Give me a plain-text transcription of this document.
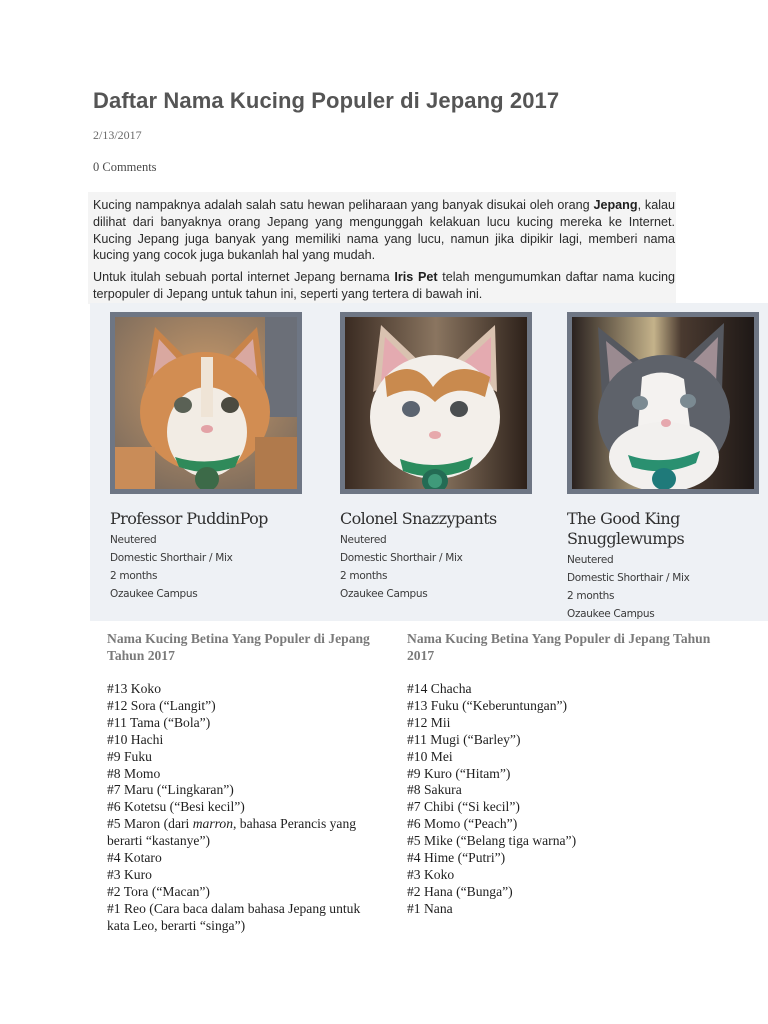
Daftar Nama Kucing Populer di Jepang 2017
2/13/2017
0 Comments

Kucing nampaknya adalah salah satu hewan peliharaan yang banyak disukai oleh orang Jepang, kalau dilihat dari banyaknya orang Jepang yang mengunggah kelakuan lucu kucing mereka ke Internet. Kucing Jepang juga banyak yang memiliki nama yang lucu, namun jika dipikir lagi, memberi nama kucing yang cocok juga bukanlah hal yang mudah.

Untuk itulah sebuah portal internet Jepang bernama Iris Pet telah mengumumkan daftar nama kucing terpopuler di Jepang untuk tahun ini, seperti yang tertera di bawah ini.

Professor PuddinPop
Neutered
Domestic Shorthair / Mix
2 months
Ozaukee Campus
Colonel Snazzypants
Neutered
Domestic Shorthair / Mix
2 months
Ozaukee Campus
The Good King Snugglewumps
Neutered
Domestic Shorthair / Mix
2 months
Ozaukee Campus
Nama Kucing Betina Yang Populer di Jepang Tahun 2017
#13 Koko
#12 Sora (“Langit”)
#11 Tama (“Bola”)
#10 Hachi
#9 Fuku
#8 Momo
#7 Maru (“Lingkaran”)
#6 Kotetsu (“Besi kecil”)
#5 Maron (dari marron, bahasa Perancis yang berarti “kastanye”)
#4 Kotaro
#3 Kuro
#2 Tora (“Macan”)
#1 Reo (Cara baca dalam bahasa Jepang untuk kata Leo, berarti “singa”)
Nama Kucing Betina Yang Populer di Jepang Tahun 2017
#14 Chacha
#13 Fuku (“Keberuntungan”)
#12 Mii
#11 Mugi (“Barley”)
#10 Mei
#9 Kuro (“Hitam”)
#8 Sakura
#7 Chibi (“Si kecil”)
#6 Momo (“Peach”)
#5 Mike (“Belang tiga warna”)
#4 Hime (“Putri”)
#3 Koko
#2 Hana (“Bunga”)
#1 Nana
